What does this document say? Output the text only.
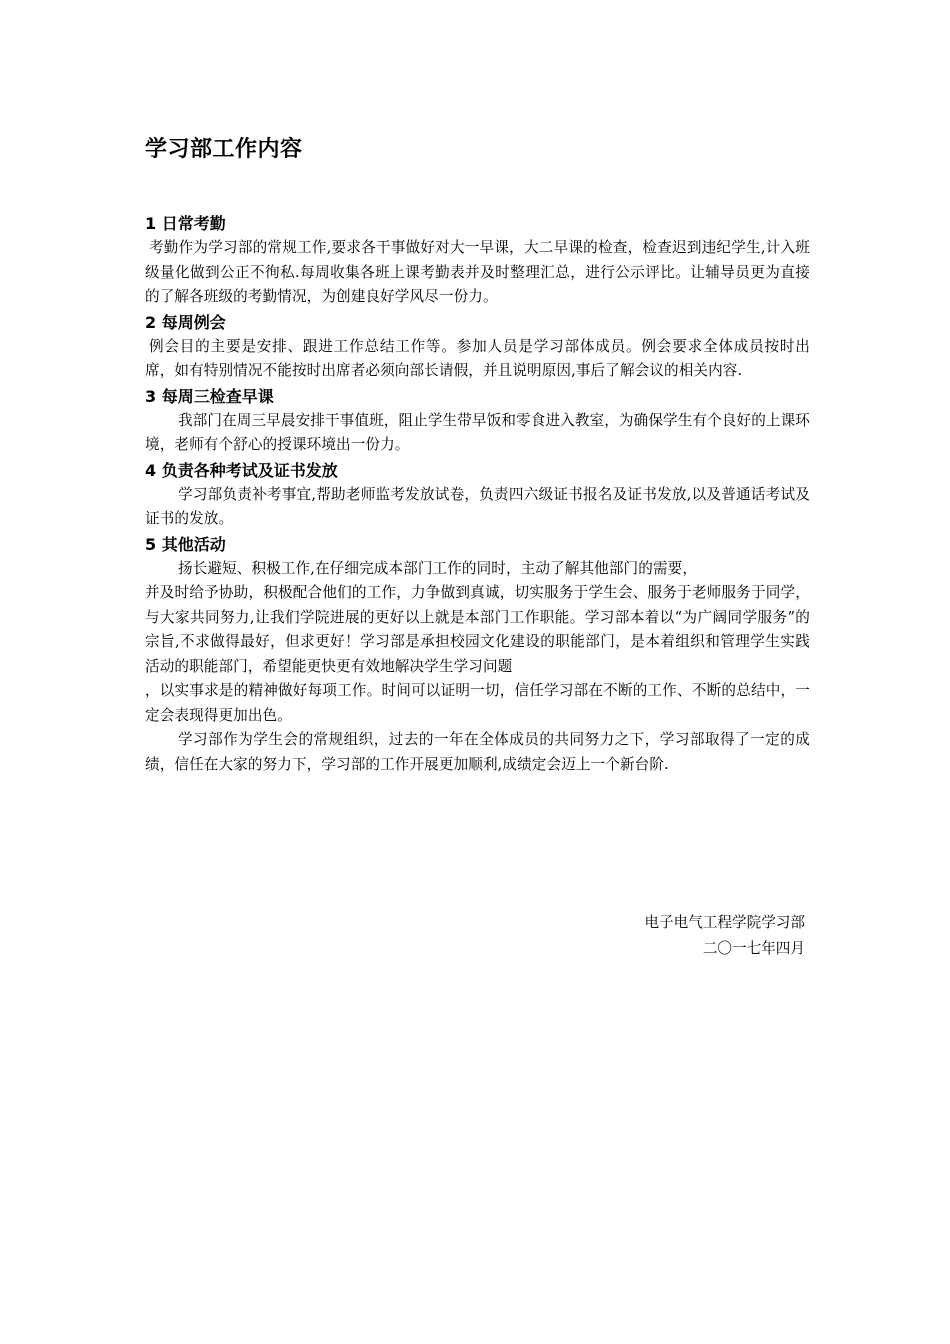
学习部工作内容
1 日常考勤

考勤作为学习部的常规工作,要求各干事做好对大一早课，大二早课的检查，检查迟到违纪学生,计入班级量化做到公正不徇私.每周收集各班上课考勤表并及时整理汇总，进行公示评比。让辅导员更为直接的了解各班级的考勤情况，为创建良好学风尽一份力。

2 每周例会

例会目的主要是安排、跟进工作总结工作等。参加人员是学习部体成员。例会要求全体成员按时出席，如有特别情况不能按时出席者必须向部长请假，并且说明原因,事后了解会议的相关内容.

3 每周三检查早课

我部门在周三早晨安排干事值班，阻止学生带早饭和零食进入教室，为确保学生有个良好的上课环境，老师有个舒心的授课环境出一份力。

4 负责各种考试及证书发放

学习部负责补考事宜,帮助老师监考发放试卷，负责四六级证书报名及证书发放,以及普通话考试及证书的发放。

5 其他活动

扬长避短、积极工作,在仔细完成本部门工作的同时，主动了解其他部门的需要，

并及时给予协助，积极配合他们的工作，力争做到真诚，切实服务于学生会、服务于老师服务于同学，与大家共同努力,让我们学院进展的更好以上就是本部门工作职能。学习部本着以“为广阔同学服务”的宗旨,不求做得最好，但求更好！学习部是承担校园文化建设的职能部门，是本着组织和管理学生实践活动的职能部门，希望能更快更有效地解决学生学习问题

，以实事求是的精神做好每项工作。时间可以证明一切，信任学习部在不断的工作、不断的总结中，一定会表现得更加出色。

学习部作为学生会的常规组织，过去的一年在全体成员的共同努力之下，学习部取得了一定的成绩，信任在大家的努力下，学习部的工作开展更加顺利,成绩定会迈上一个新台阶.

电子电气工程学院学习部
二〇一七年四月
